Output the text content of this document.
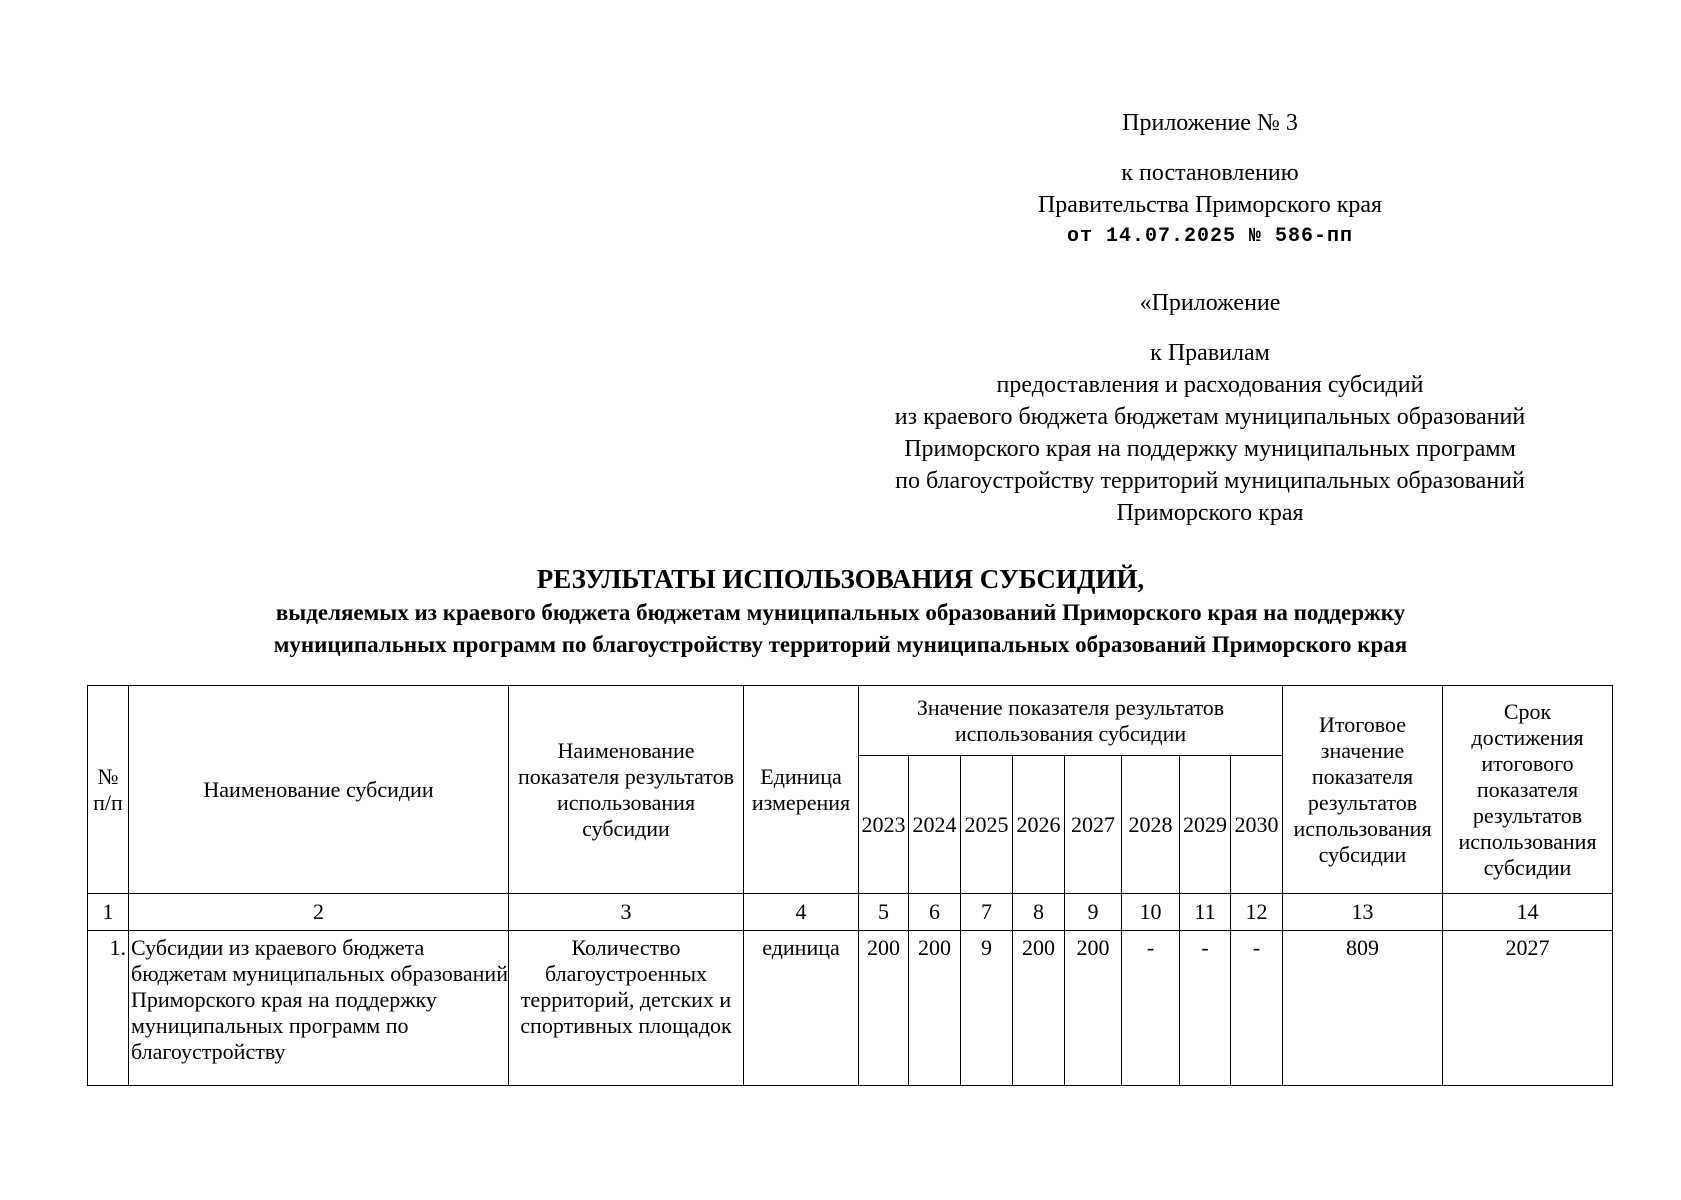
Приложение № 3
к постановлению
Правительства Приморского края
от 14.07.2025 № 586-пп
«Приложение
к Правилам
предоставления и расходования субсидий
из краевого бюджета бюджетам муниципальных образований
Приморского края на поддержку муниципальных программ
по благоустройству территорий муниципальных образований
Приморского края
РЕЗУЛЬТАТЫ ИСПОЛЬЗОВАНИЯ СУБСИДИЙ,
выделяемых из краевого бюджета бюджетам муниципальных образований Приморского края на поддержку
муниципальных программ по благоустройству территорий муниципальных образований Приморского края
№ п/п	Наименование субсидии	Наименование показателя результатов использования субсидии	Единица измерения	Значение показателя результатов использования субсидии								Итоговое значение показателя результатов использования субсидии	Срок достижения итогового показателя результатов использования субсидии
				2023	2024	2025	2026	2027	2028	2029	2030		
1	2	3	4	5	6	7	8	9	10	11	12	13	14
1.	Субсидии из краевого бюджета бюджетам муниципальных образований Приморского края на поддержку муниципальных программ по благоустройству	Количество благоустроенных территорий, детских и спортивных площадок	единица	200	200	9	200	200	-	-	-	809	2027
